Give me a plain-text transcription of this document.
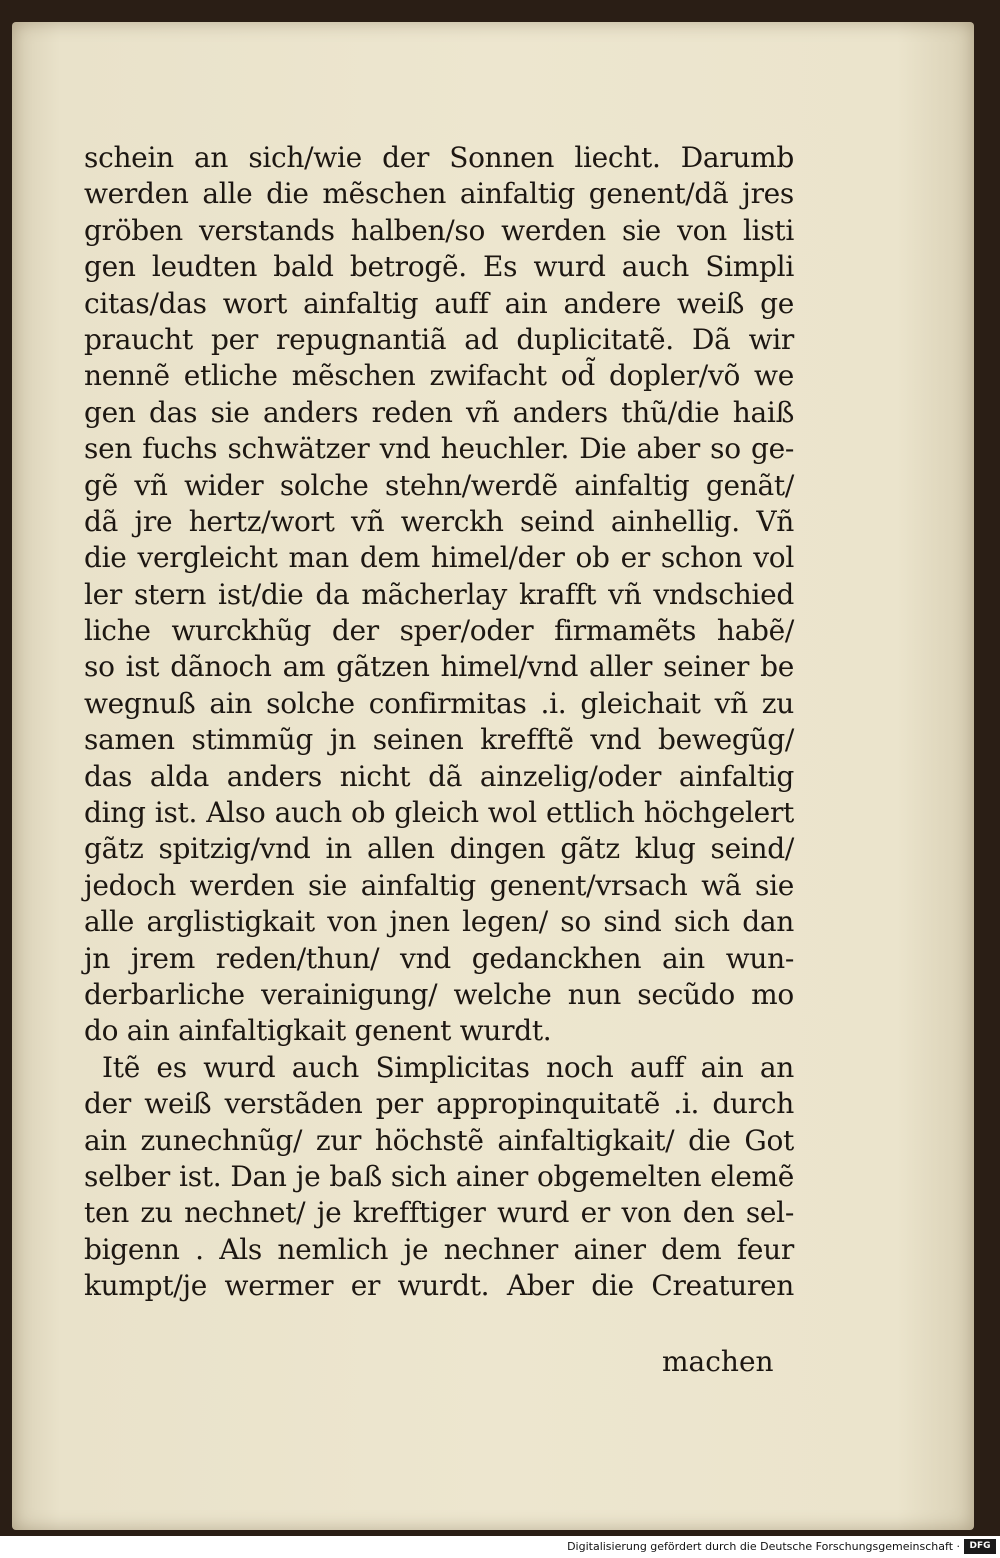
schein an sich/wie der Sonnen liecht. Darumb
werden alle die mẽschen ainfaltig genent/dã jres
gröben verstands halben/so werden sie von listi
gen leudten bald betrogẽ. Es wurd auch Simpli
citas/das wort ainfaltig auff ain andere weiß ge
praucht per repugnantiã ad duplicitatẽ. Dã wir
nennẽ etliche mẽschen zwifacht od̃ dopler/võ we
gen das sie anders reden vñ anders thũ/die haiß
sen fuchs schwätzer vnd heuchler. Die aber so ge‑
gẽ vñ wider solche stehn/werdẽ ainfaltig genãt/
dã jre hertz/wort vñ werckh seind ainhellig. Vñ
die vergleicht man dem himel/der ob er schon vol
ler stern ist/die da mãcherlay krafft vñ vndschied
liche wurckhũg der sper/oder firmamẽts habẽ/
so ist dãnoch am gãtzen himel/vnd aller seiner be
wegnuß ain solche confirmitas .i. gleichait vñ zu
samen stimmũg jn seinen krefftẽ vnd bewegũg/
das alda anders nicht dã ainzelig/oder ainfaltig
ding ist. Also auch ob gleich wol ettlich höchgelert
gãtz spitzig/vnd in allen dingen gãtz klug seind/
jedoch werden sie ainfaltig genent/vrsach wã sie
alle arglistigkait von jnen legen/ so sind sich dan
jn jrem reden/thun/ vnd gedanckhen ain wun‑
derbarliche verainigung/ welche nun secũdo mo
do ain ainfaltigkait genent wurdt.
Itẽ es wurd auch Simplicitas noch auff ain an
der weiß verstãden per appropinquitatẽ .i. durch
ain zunechnũg/ zur höchstẽ ainfaltigkait/ die Got
selber ist. Dan je baß sich ainer obgemelten elemẽ
ten zu nechnet/ je krefftiger wurd er von den sel‑
bigenn . Als nemlich je nechner ainer dem feur
kumpt/je wermer er wurdt. Aber die Creaturen
machen
Digitalisierung gefördert durch die Deutsche Forschungsgemeinschaft ·	DFG
